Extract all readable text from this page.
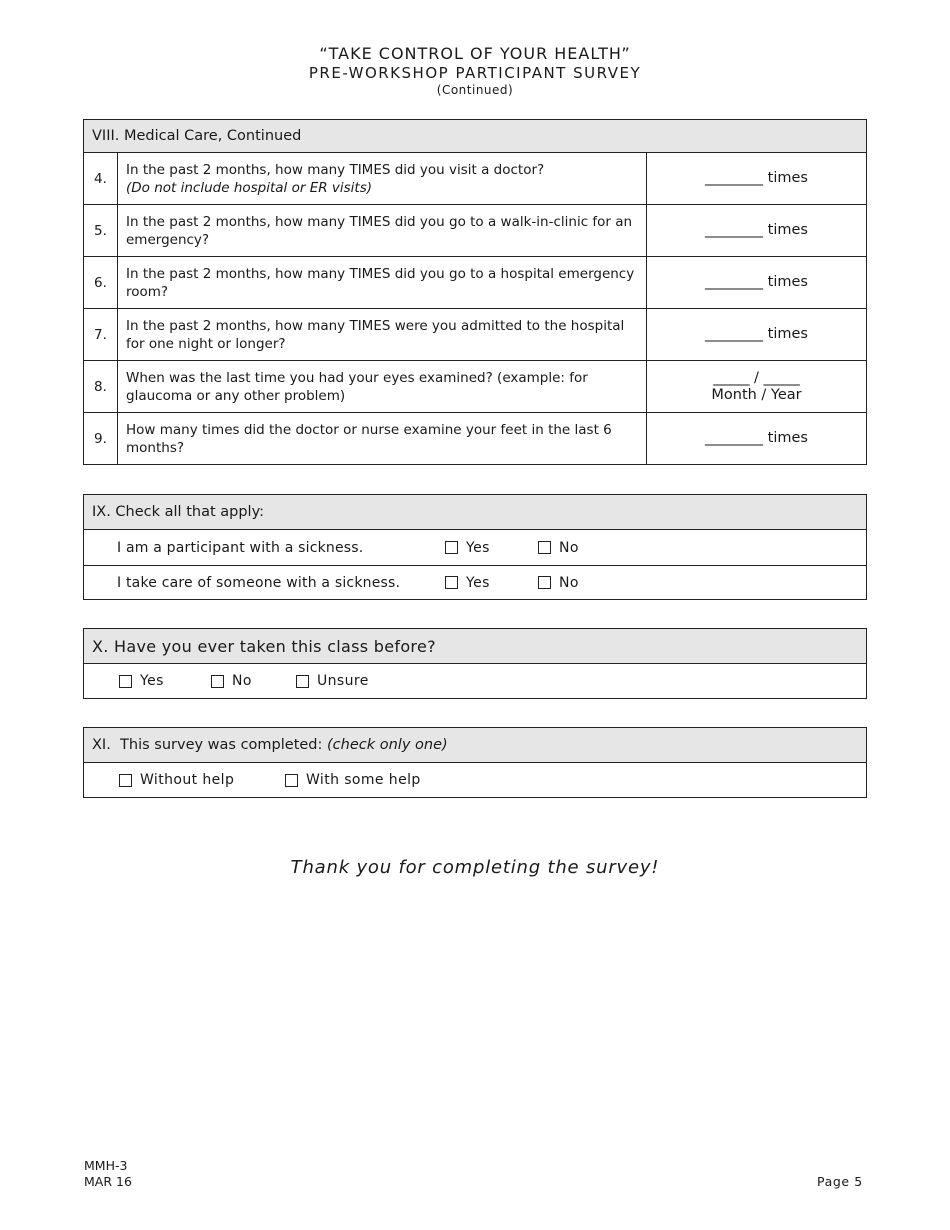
“TAKE CONTROL OF YOUR HEALTH”
PRE-WORKSHOP PARTICIPANT SURVEY
(Continued)
VIII. Medical Care, Continued		
4.	In the past 2 months, how many TIMES did you visit a doctor?
(Do not include hospital or ER visits)	________ times
5.	In the past 2 months, how many TIMES did you go to a walk-in-clinic for an emergency?	________ times
6.	In the past 2 months, how many TIMES did you go to a hospital emergency room?	________ times
7.	In the past 2 months, how many TIMES were you admitted to the hospital for one night or longer?	________ times
8.	When was the last time you had your eyes examined? (example: for glaucoma or any other problem)	_____ / _____
Month / Year

9.	How many times did the doctor or nurse examine your feet in the last 6 months?	________ times
IX. Check all that apply:
I am a participant with a sickness.	Yes	No
I take care of someone with a sickness.	Yes	No
X. Have you ever taken this class before?
Yes	No	Unsure
XI.  This survey was completed: (check only one)
Without help	With some help
Thank you for completing the survey!
MMH-3
MAR 16	Page 5
